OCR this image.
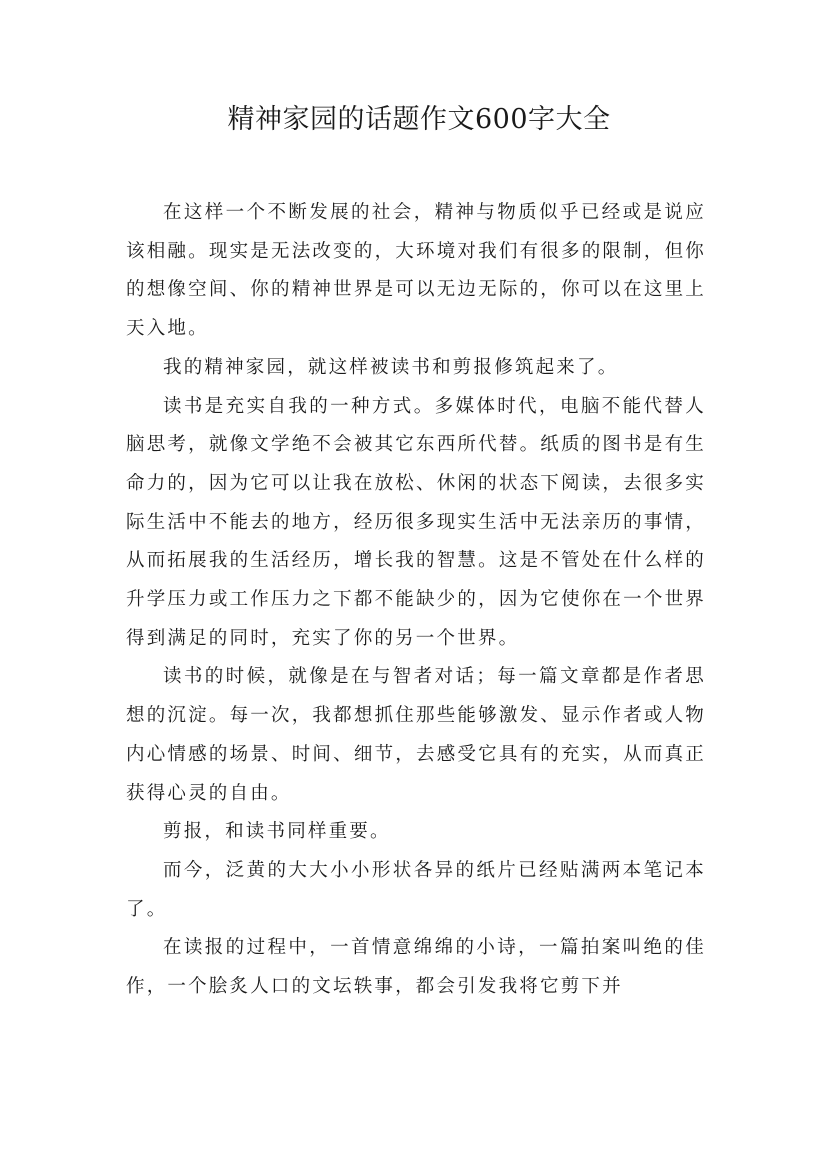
精神家园的话题作文600字大全

在这样一个不断发展的社会，精神与物质似乎已经或是说应该相融。现实是无法改变的，大环境对我们有很多的限制，但你的想像空间、你的精神世界是可以无边无际的，你可以在这里上天入地。

我的精神家园，就这样被读书和剪报修筑起来了。

读书是充实自我的一种方式。多媒体时代，电脑不能代替人脑思考，就像文学绝不会被其它东西所代替。纸质的图书是有生命力的，因为它可以让我在放松、休闲的状态下阅读，去很多实际生活中不能去的地方，经历很多现实生活中无法亲历的事情，从而拓展我的生活经历，增长我的智慧。这是不管处在什么样的升学压力或工作压力之下都不能缺少的，因为它使你在一个世界得到满足的同时，充实了你的另一个世界。

读书的时候，就像是在与智者对话；每一篇文章都是作者思想的沉淀。每一次，我都想抓住那些能够激发、显示作者或人物内心情感的场景、时间、细节，去感受它具有的充实，从而真正获得心灵的自由。

剪报，和读书同样重要。

而今，泛黄的大大小小形状各异的纸片已经贴满两本笔记本了。

在读报的过程中，一首情意绵绵的小诗，一篇拍案叫绝的佳作，一个脍炙人口的文坛轶事，都会引发我将它剪下并
